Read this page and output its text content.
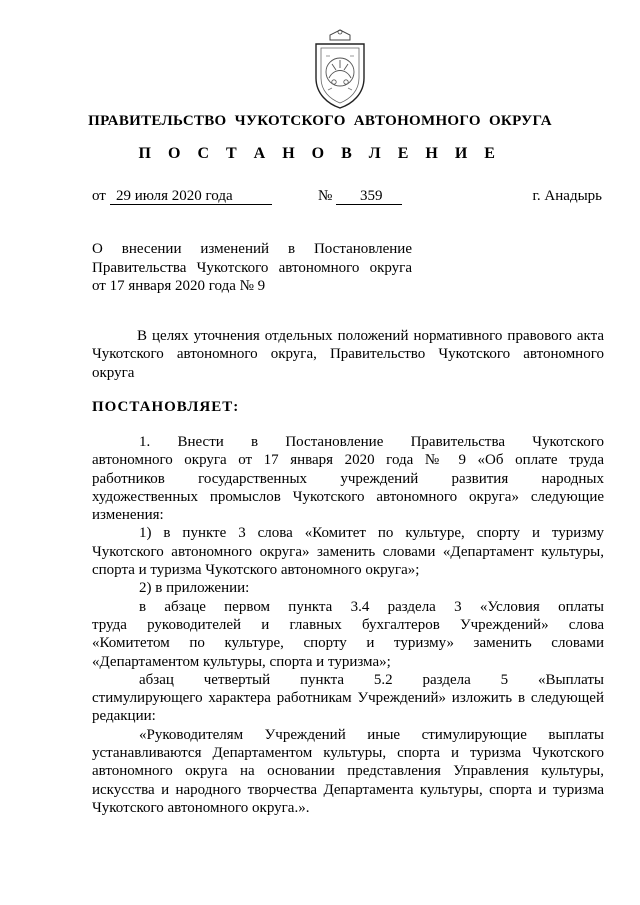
ПРАВИТЕЛЬСТВО  ЧУКОТСКОГО  АВТОНОМНОГО  ОКРУГА
П О С Т А Н О В Л Е Н И Е
от 29 июля 2020 года	№	359	г. Анадырь
О внесении изменений в Постановление
Правительства Чукотского автономного округа
от 17 января 2020 года № 9
В целях уточнения отдельных положений нормативного правового акта
Чукотского автономного округа, Правительство Чукотского автономного
округа
ПОСТАНОВЛЯЕТ:
1. Внести в Постановление Правительства Чукотского
автономного округа от 17 января 2020 года № 9 «Об оплате труда
работников государственных учреждений развития народных
художественных промыслов Чукотского автономного округа» следующие
изменения:
1) в пункте 3 слова «Комитет по культуре, спорту и туризму
Чукотского автономного округа» заменить словами «Департамент культуры,
спорта и туризма Чукотского автономного округа»;
2) в приложении:
в абзаце первом пункта 3.4 раздела 3 «Условия оплаты
труда руководителей и главных бухгалтеров Учреждений» слова
«Комитетом по культуре, спорту и туризму» заменить словами
«Департаментом культуры, спорта и туризма»;
абзац четвертый пункта 5.2 раздела 5 «Выплаты
стимулирующего характера работникам Учреждений» изложить в следующей
редакции:
«Руководителям Учреждений иные стимулирующие выплаты
устанавливаются Департаментом культуры, спорта и туризма Чукотского
автономного округа на основании представления Управления культуры,
искусства и народного творчества Департамента культуры, спорта и туризма
Чукотского автономного округа.».
